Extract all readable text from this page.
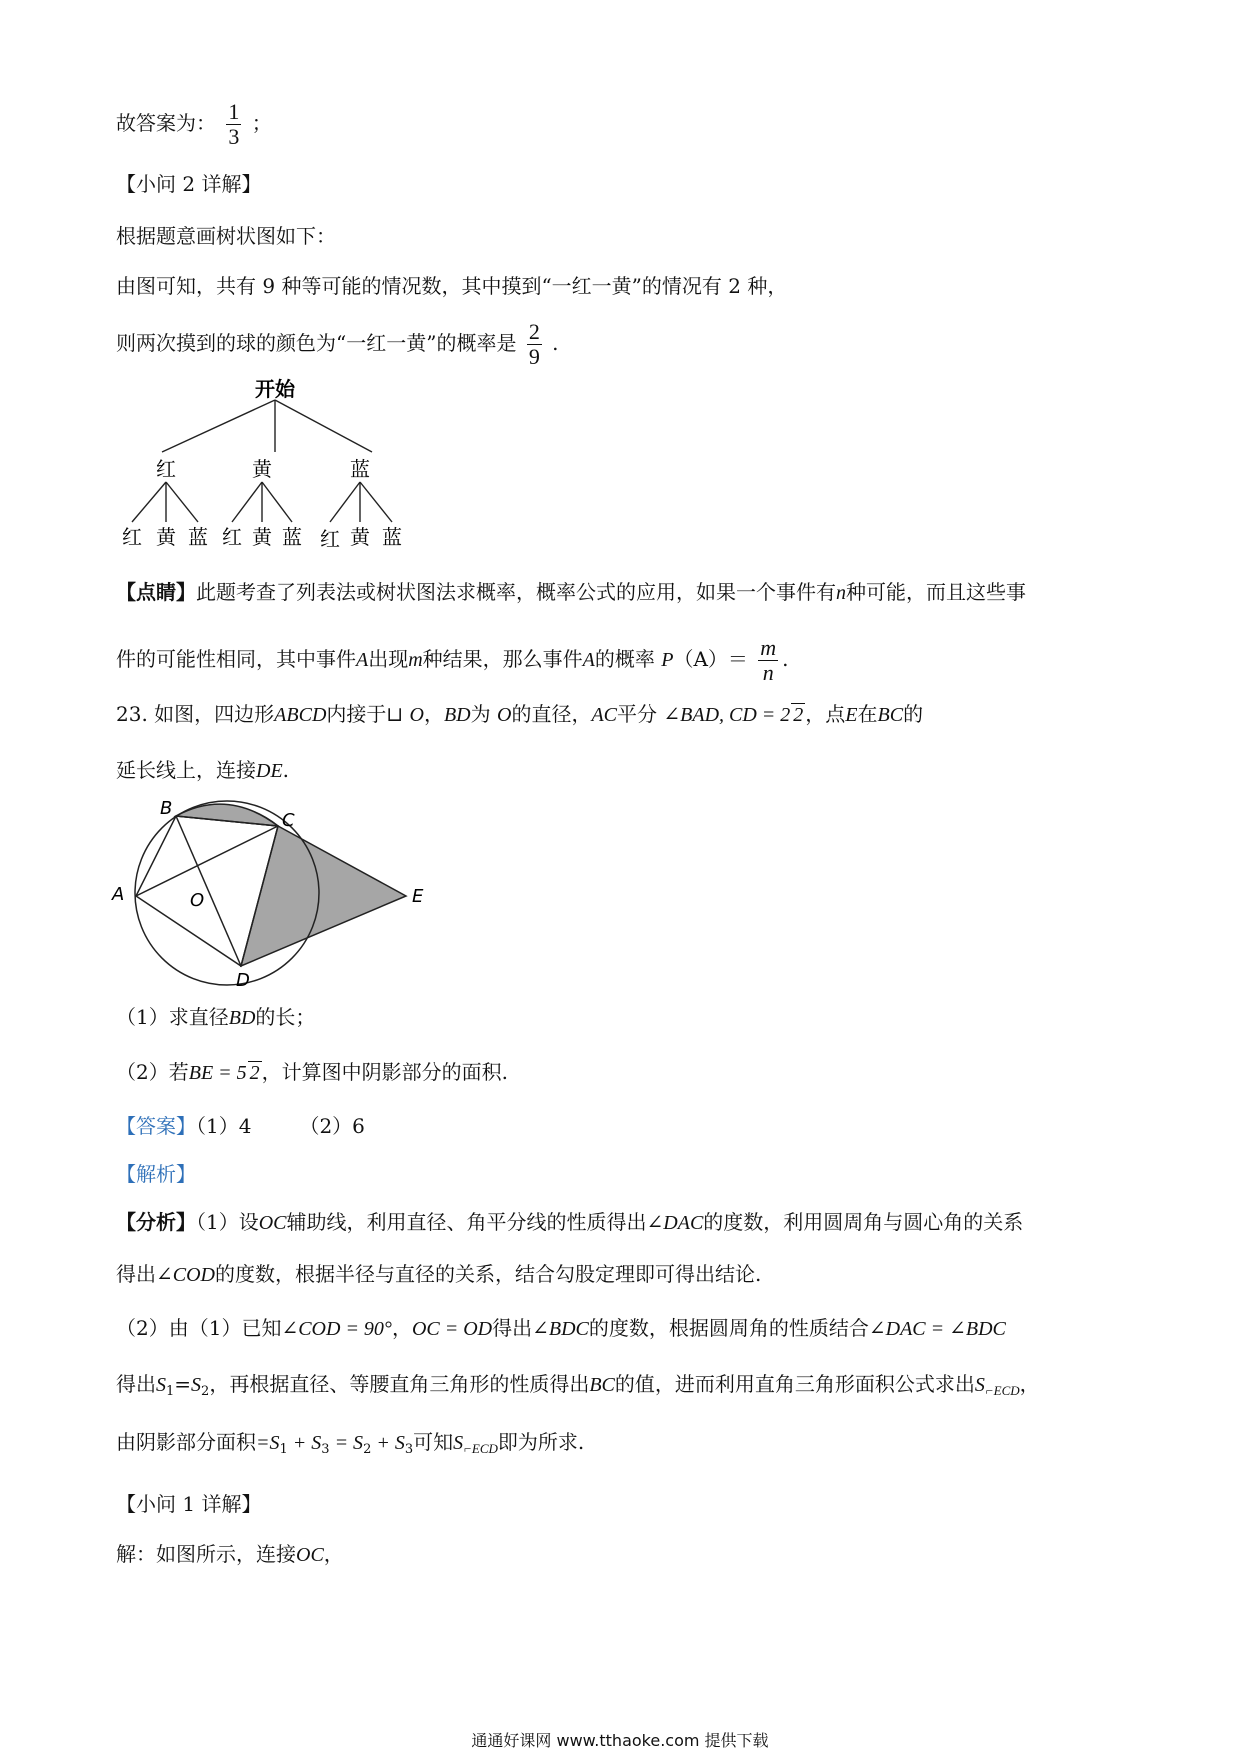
故答案为： $\frac{1}{3}$ ；
【小问 2 详解】
根据题意画树状图如下：
由图可知，共有 9 种等可能的情况数，其中摸到“一红一黄”的情况有 2 种，
则两次摸到的球的颜色为“一红一黄”的概率是 $\frac{2}{9}$ .
开始
红	黄	蓝
红 黄 蓝 红 黄 蓝 红 黄 蓝
【点睛】此题考查了列表法或树状图法求概率，概率公式的应用，如果一个事件有n种可能，而且这些事
件的可能性相同，其中事件A出现m种结果，那么事件A的概率 $P(A)= \frac{m}{n}$ .
23. 如图，四边形ABCD内接于⊔ O，BD为 O的直径，AC平分 ∠BAD, CD = 2 2 ，点E在BC的
延长线上，连接DE.
B
C
A	O
D
E
（1）求直径BD的长；
（2）若BE = 5 2 ，计算图中阴影部分的面积.
【答案】（1）4 （2）6
【解析】
【分析】（1）设OC辅助线，利用直径、角平分线的性质得出∠DAC的度数，利用圆周角与圆心角的关系
得出∠COD的度数，根据半径与直径的关系，结合勾股定理即可得出结论.
（2）由（1）已知∠COD = 90°，OC = OD得出∠BDC的度数，根据圆周角的性质结合∠DAC = ∠BDC
得出$S_1=S_2$，再根据直径、等腰直角三角形的性质得出BC的值，进而利用直角三角形面积公式求出$S_{⌐ECD}$，
由阴影部分面积$=S_1 + S_3 = S_2 + S_3$可知$S_{⌐ECD}$即为所求.
【小问 1 详解】
解：如图所示，连接OC，
通通好课网 www.tthaoke.com 提供下载
